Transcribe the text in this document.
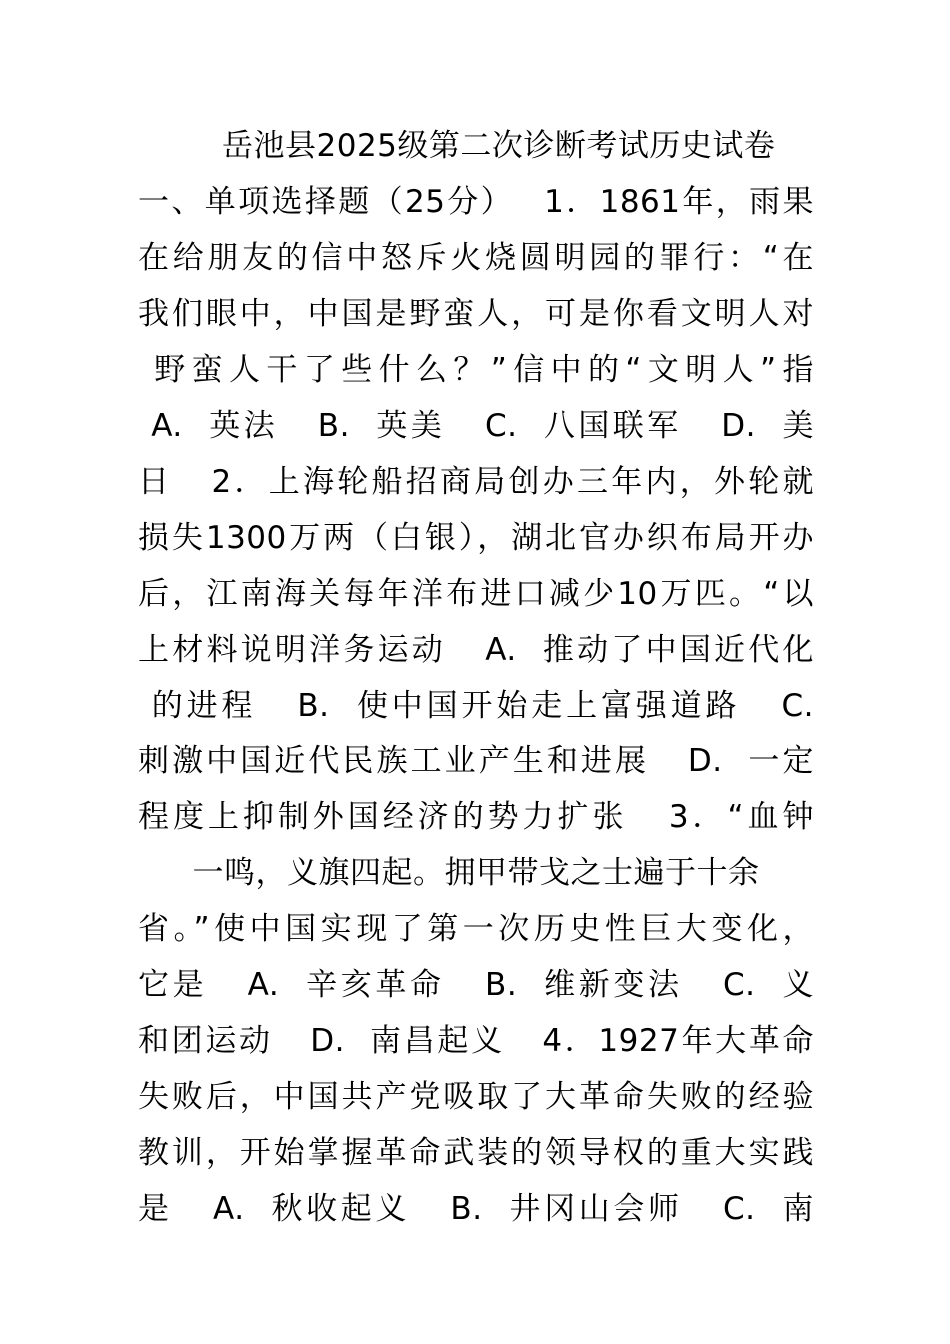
岳池县2025级第二次诊断考试历史试卷
一、单项选择题（25分）　 1．1861年，雨果
在给朋友的信中怒斥火烧圆明园的罪行：“在
我们眼中，中国是野蛮人，可是你看文明人对
野蛮人干了些什么？”信中的“文明人”指
A.  英法   B.  英美   C.  八国联军   D.  美
日   2．上海轮船招商局创办三年内，外轮就
损失1300万两（白银），湖北官办织布局开办
后，江南海关每年洋布进口减少10万匹。“以
上材料说明洋务运动   A.  推动了中国近代化
的进程   B.  使中国开始走上富强道路   C.
刺激中国近代民族工业产生和进展   D.  一定
程度上抑制外国经济的势力扩张   3．“血钟
一鸣，义旗四起。拥甲带戈之士遍于十余
省。”使中国实现了第一次历史性巨大变化，
它是   A.  辛亥革命   B.  维新变法   C.  义
和团运动   D.  南昌起义   4．1927年大革命
失败后，中国共产党吸取了大革命失败的经验
教训，开始掌握革命武装的领导权的重大实践
是   A.  秋收起义   B.  井冈山会师   C.  南
